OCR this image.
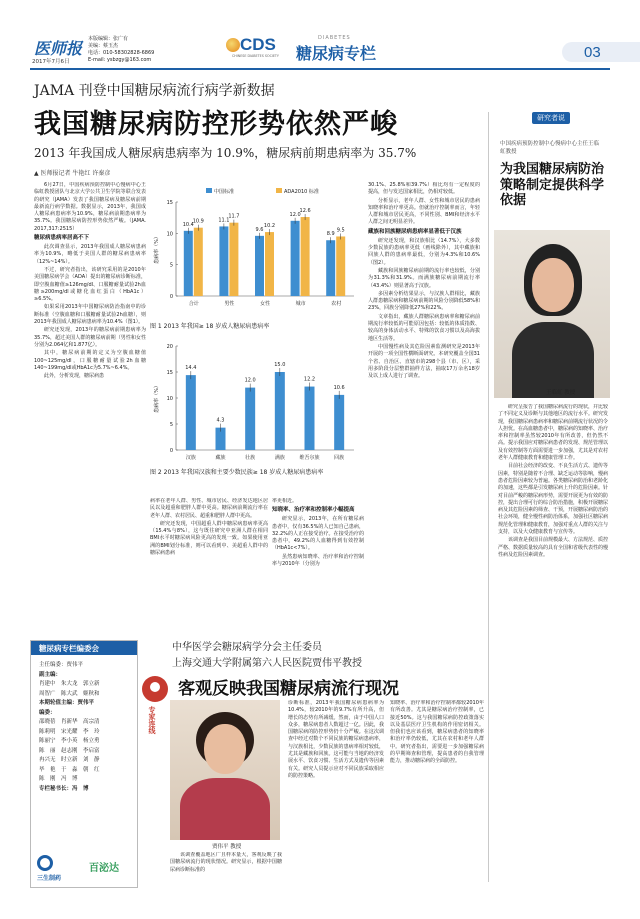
医师报
2017年7月6日
本版编辑：张广有
美编：蔡玉杰
电话：010-58302828-6869
E-mail: ysbzgy@163.com
CDS
CHINESE DIABETES SOCIETY
DIABETES
糖尿病专栏	03
JAMA 刊登中国糖尿病流行病学新数据
我国糖尿病防控形势依然严峻
2013 年我国成人糖尿病患病率为 10.9%，糖尿病前期患病率为 35.7%
▲ 医师报记者 牛艳红 许秦彦

6月27日，中国疾病预防控制中心慢病中心王临虹教授团队与北京大学公共卫生学院等联合发表的研究（JAMA）发表了我国糖尿病及糖尿病前期最新流行病学数据。数据显示，2013年，我国成人糖尿病患病率为10.9%，糖尿病前期患病率为35.7%。我国糖尿病防控形势依然严峻。（JAMA. 2017,317:2515）

糖尿病患病率居高不下

此次调查显示，2013年我国成人糖尿病患病率为10.9%，略低于美国人群的糖尿病患病率（12%~14%）。

不过，研究者指出，该研究采用的是2010年美国糖尿病学会（ADA）提出的糖尿病诊断标准，即空腹血糖值≥126mg/dl、口服糖耐量试验2h血糖≥200mg/dl或糖化血红蛋白（HbA1c）≥6.5%。

如果采用2013年中国糖尿病防治指南中的诊断标准（空腹血糖和口服糖耐量试验2h血糖），则2013年我国成人糖尿病患病率为10.4%（图1）。

研究还发现，2013年的糖尿病前期患病率为35.7%，超过美国人群的糖尿病前期（男性和女性分别为2.064亿和1.877亿）。

其中，糖尿病前期的定义为空腹血糖值100~125mg/dl，口服糖耐量试验2h血糖140~199mg/dl或HbA1c为5.7%~6.4%。

此外，分析发现，糖尿病患

患病率（%）
0
5
10
15
中国标准	ADA2010 标准
10.4
10.9
合计
11.1
11.7
男性
9.6
10.2
女性
12.0
12.6
城市
8.9
9.5
农村
图 1 2013 年我国≥ 18 岁成人糖尿病患病率
患病率（%）
0
5
10
15
20
14.4
汉族
4.3
藏族
12.0
壮族
15.0
满族
12.2
维吾尔族
10.6
回族
图 2 2013 年我国汉族和主要少数民族≥ 18 岁成人糖尿病患病率

病率在老年人群、男性、城市居民、经济发达地区居民以及超重和肥胖人群中更高。糖尿病前期流行率在老年人群、农村居民、超重和肥胖人群中更高。

研究还发现，中国超重人群中糖尿病患病率更高（15.4%与8%），这与既往研究中亚洲人群在相同BMI水平时糖尿病风险更高的发现一致。如果使用亚洲的BMI划分标准，则可以看到中、美超重人群中的糖尿病患病

率更相近。

知晓率、治疗率和控制率小幅提高

研究显示，2013年，在所有糖尿病患者中，仅有36.5%的人已知自己患病，32.2%的人正在接受治疗。在接受治疗的患者中，49.2%的人血糖得到有效控制（HbA1c<7%）。

虽然患病知晓率、治疗率和治疗控制率与2010年（分别为

30.1%、25.8%和39.7%）相比均有一定程度的提高，但与发达国家相比，仍相对较低。

分析显示，老年人群、女性和城市居民的患病知晓率和治疗率更高。但就治疗控制率而言，年轻人群和城市居民更高，不同性别、BMI和经济水平人群之间无明显差异。

藏族和回族糖尿病患病率显著低于汉族

研究还发现，和汉族相比（14.7%），大多数少数民族的患病率更低（画线除外），其中藏族和回族人群的患病率最低，分别为4.3%和10.6%（图2）。

藏族和回族糖尿病前期的流行率也较低，分别为31.3%和31.9%。而满族糖尿病前期流行率（43.4%）则显著高于汉族。

多因素分析结果显示，与汉族人群相比，藏族人群患糖尿病和糖尿病前期的风险分别降低58%和23%，回族分别降低27%和22%。

文章指出，藏族人群糖尿病患病率和糖尿病前期流行率较低的可能原因包括：较低的体质指数、较高的身体活动水平、特殊的饮食习惯以及高海拔地区生活等。

中国慢性病及其危险因素监测研究是2013年开展的一项全国性横断面研究。本研究覆盖全国31个省、自治区、直辖市的298个县（市、区），采用多阶段分层整群抽样方法，抽取17万余名18岁及以上成人进行了调查。

研究者说
中国疾病预防控制中心慢病中心主任王临虹教授
为我国糖尿病防治策略制定提供科学依据
王临虹 教授

研究呈报告了我国糖尿病流行的现状，并比较了不同定义及诊断与其他地区的流行水平。研究发现，我国糖尿病患病率和糖尿病前期流行状况的令人担忧。在高血糖患者中，糖尿病的知晓率、治疗率和控制率虽然较2010年有所改善，但仍然不高。提示我国应对糖尿病患者的发现、规范管理以及有效控制等方面需要进一步加强，尤其是对农村老年人群健康教育和健康管理工作。

目前社会经济的改变、不良生活方式、遗传等因素，特别是随着不合理、缺乏运动等影响，慢病患者危险因素较为普遍。各类糖尿病防治和老龄化的加速，这些都是引发糖尿病上升的危险因素。针对目前严峻的糖尿病形势，需要开展更为有效的防控，提出合理可行的综合防治措施，积极开展糖尿病及其危险因素的筛查、干预，开展糖尿病防治的社会环境，健全慢性病防治体系，加强社区糖尿病规范化管理和健康教育，加强对重点人群的关注与支持，以及大众健康教育与宣传等。

该调查是我国目前规模最大、方法规范、质控严格、数据质量较高的具有全国和省级代表性的慢性病及危险因素调查。

糖尿病专栏编委会
主任编委：贾伟平
副主编：
肖建中　朱大龙　郭立新
周智广　陈大武　姬秋和
本期轮值主编：贾伟平
编委：
邵晓蓓　肖新华　高宗清
陈莉明　宋光耀　李　玲
陈丽宁　李小英　杨立勇
陈　丽　赵志刚　李启富
冉兴无　时立新　刘　静
毕　艳　于　淼　朝　红
陈　刚　冯　博
专栏秘书长：冯　博
三生制药
百泌达
专家连线
中华医学会糖尿病学分会主任委员
上海交通大学附属第六人民医院贾伟平教授
客观反映我国糖尿病流行现况
贾伟平 教授

该调查覆盖地区广且样本量大，客观反映了我国糖尿病流行的现状情况。研究显示，根据中国糖尿病诊断标准的

诊断标准，2013年我国糖尿病患病率为10.4%，较2010年的9.7%有所升高，但增长的态势有所减缓。然而，由于中国人口众多，糖尿病患者人数超过一亿。因此，我国糖尿病的防控形势仍十分严峻。在这次调查中经过对数个不同民族的糖尿病患病率，与汉族相比，少数民族的患病率相对较低，尤其是藏族和回族。这可能与当地的经济发展水平、饮食习惯、生活方式及遗传等因素有关。研究人员提示应对不同民族采取相应的防控策略。

知晓率、治疗率和治疗控制率都较2010年有所改善。尤其是糖尿病治疗控制率，已接近50%。这与我国糖尿病防控政策落实以及基层医疗卫生机构的作用密切相关。但我们也应该看到，糖尿病患者的知晓率和治疗率仍较低，尤其在农村和老年人群中。研究者指出，需要进一步加强糖尿病的早期筛查和管理，提高患者的自我管理能力，推动糖尿病的全面防控。
